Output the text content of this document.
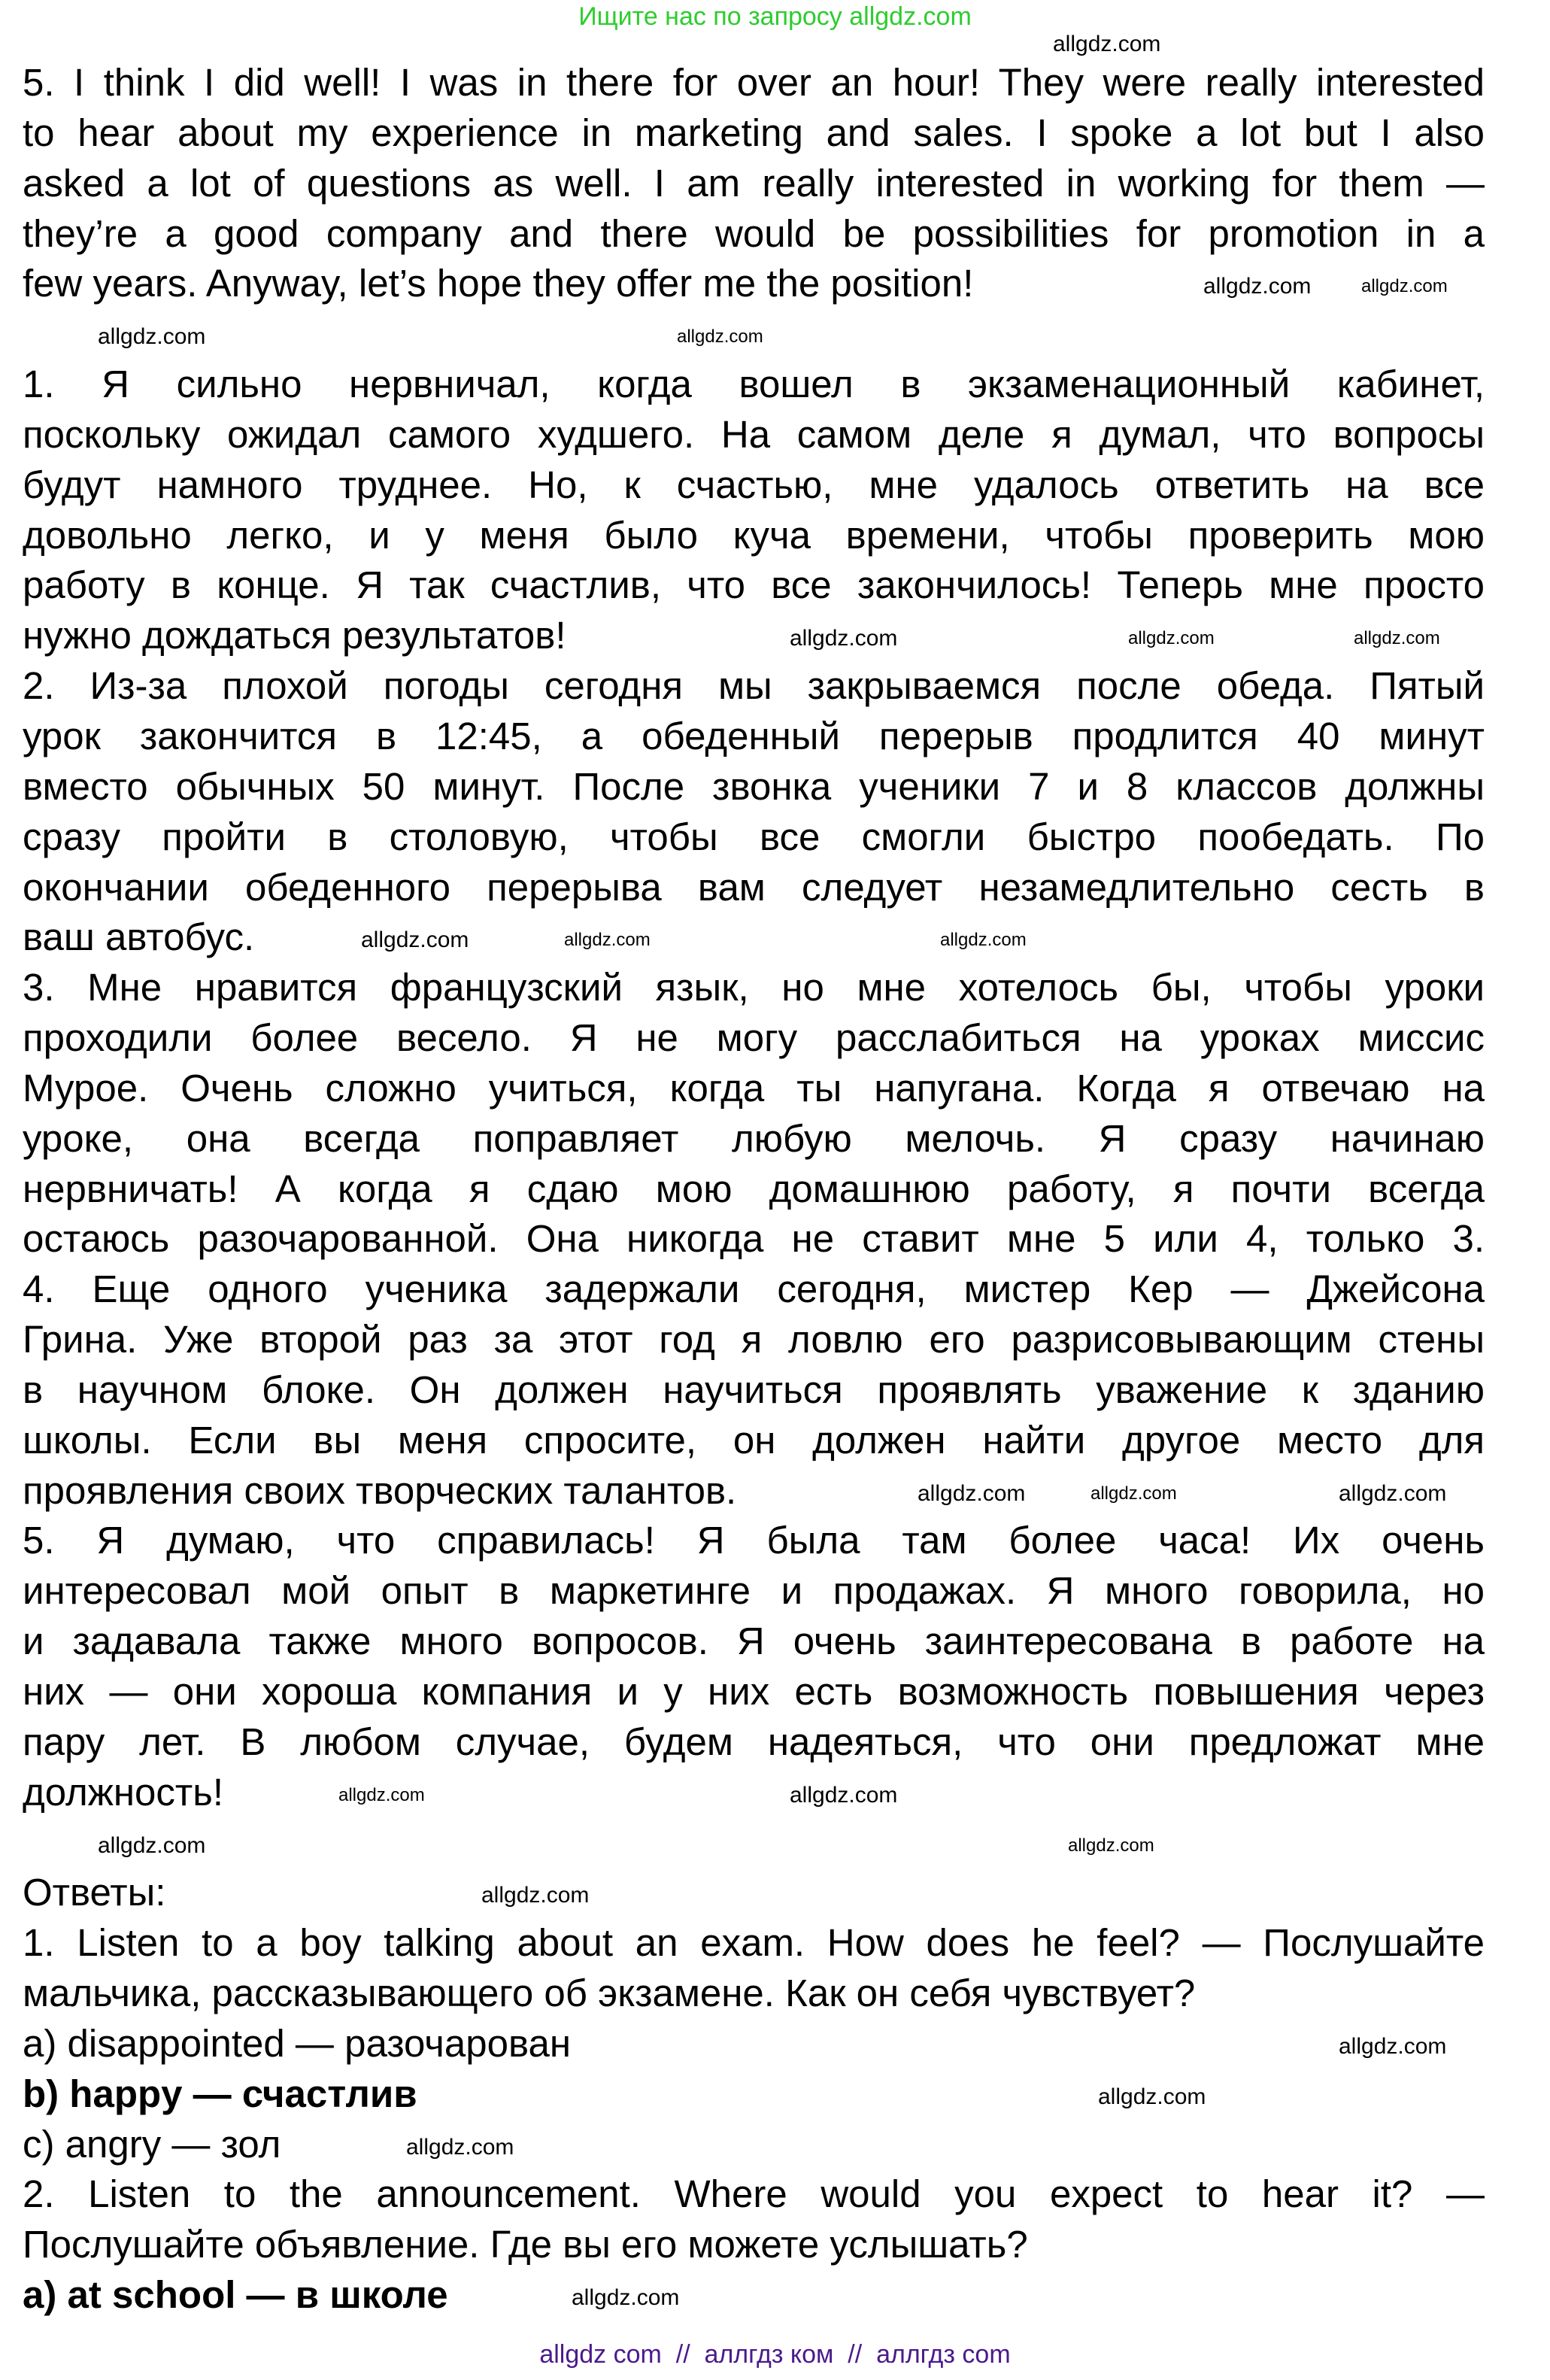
Ищите нас по запросу allgdz.com
5. I think I did well! I was in there for over an hour! They were really interested
to hear about my experience in marketing and sales. I spoke a lot but I also
asked a lot of questions as well. I am really interested in working for them —
they’re a good company and there would be possibilities for promotion in a
few years. Anyway, let’s hope they offer me the position!
1. Я сильно нервничал, когда вошел в экзаменационный кабинет,
поскольку ожидал самого худшего. На самом деле я думал, что вопросы
будут намного труднее. Но, к счастью, мне удалось ответить на все
довольно легко, и у меня было куча времени, чтобы проверить мою
работу в конце. Я так счастлив, что все закончилось! Теперь мне просто
нужно дождаться результатов!
2. Из-за плохой погоды сегодня мы закрываемся после обеда. Пятый
урок закончится в 12:45, а обеденный перерыв продлится 40 минут
вместо обычных 50 минут. После звонка ученики 7 и 8 классов должны
сразу пройти в столовую, чтобы все смогли быстро пообедать. По
окончании обеденного перерыва вам следует незамедлительно сесть в
ваш автобус.
3. Мне нравится французский язык, но мне хотелось бы, чтобы уроки
проходили более весело. Я не могу расслабиться на уроках миссис
Мурое. Очень сложно учиться, когда ты напугана. Когда я отвечаю на
уроке, она всегда поправляет любую мелочь. Я сразу начинаю
нервничать! А когда я сдаю мою домашнюю работу, я почти всегда
остаюсь разочарованной. Она никогда не ставит мне 5 или 4, только 3.
4. Еще одного ученика задержали сегодня, мистер Кер — Джейсона
Грина. Уже второй раз за этот год я ловлю его разрисовывающим стены
в научном блоке. Он должен научиться проявлять уважение к зданию
школы. Если вы меня спросите, он должен найти другое место для
проявления своих творческих талантов.
5. Я думаю, что справилась! Я была там более часа! Их очень
интересовал мой опыт в маркетинге и продажах. Я много говорила, но
и задавала также много вопросов. Я очень заинтересована в работе на
них — они хороша компания и у них есть возможность повышения через
пару лет. В любом случае, будем надеяться, что они предложат мне
должность!
Ответы:
1. Listen to a boy talking about an exam. How does he feel? — Послушайте
мальчика, рассказывающего об экзамене. Как он себя чувствует?
a) disappointed — разочарован
b) happy — счастлив
c) angry — зол
2. Listen to the announcement. Where would you expect to hear it? —
Послушайте объявление. Где вы его можете услышать?
a) at school — в школе
allgdz.com
allgdz.com	allgdz.com
allgdz.com	allgdz.com
allgdz.com	allgdz.com	allgdz.com
allgdz.com	allgdz.com	allgdz.com
allgdz.com	allgdz.com	allgdz.com
allgdz.com	allgdz.com
allgdz.com	allgdz.com
allgdz.com
allgdz.com
allgdz.com
allgdz.com
allgdz.com
allgdz com  //  аллгдз ком  //  аллгдз com
